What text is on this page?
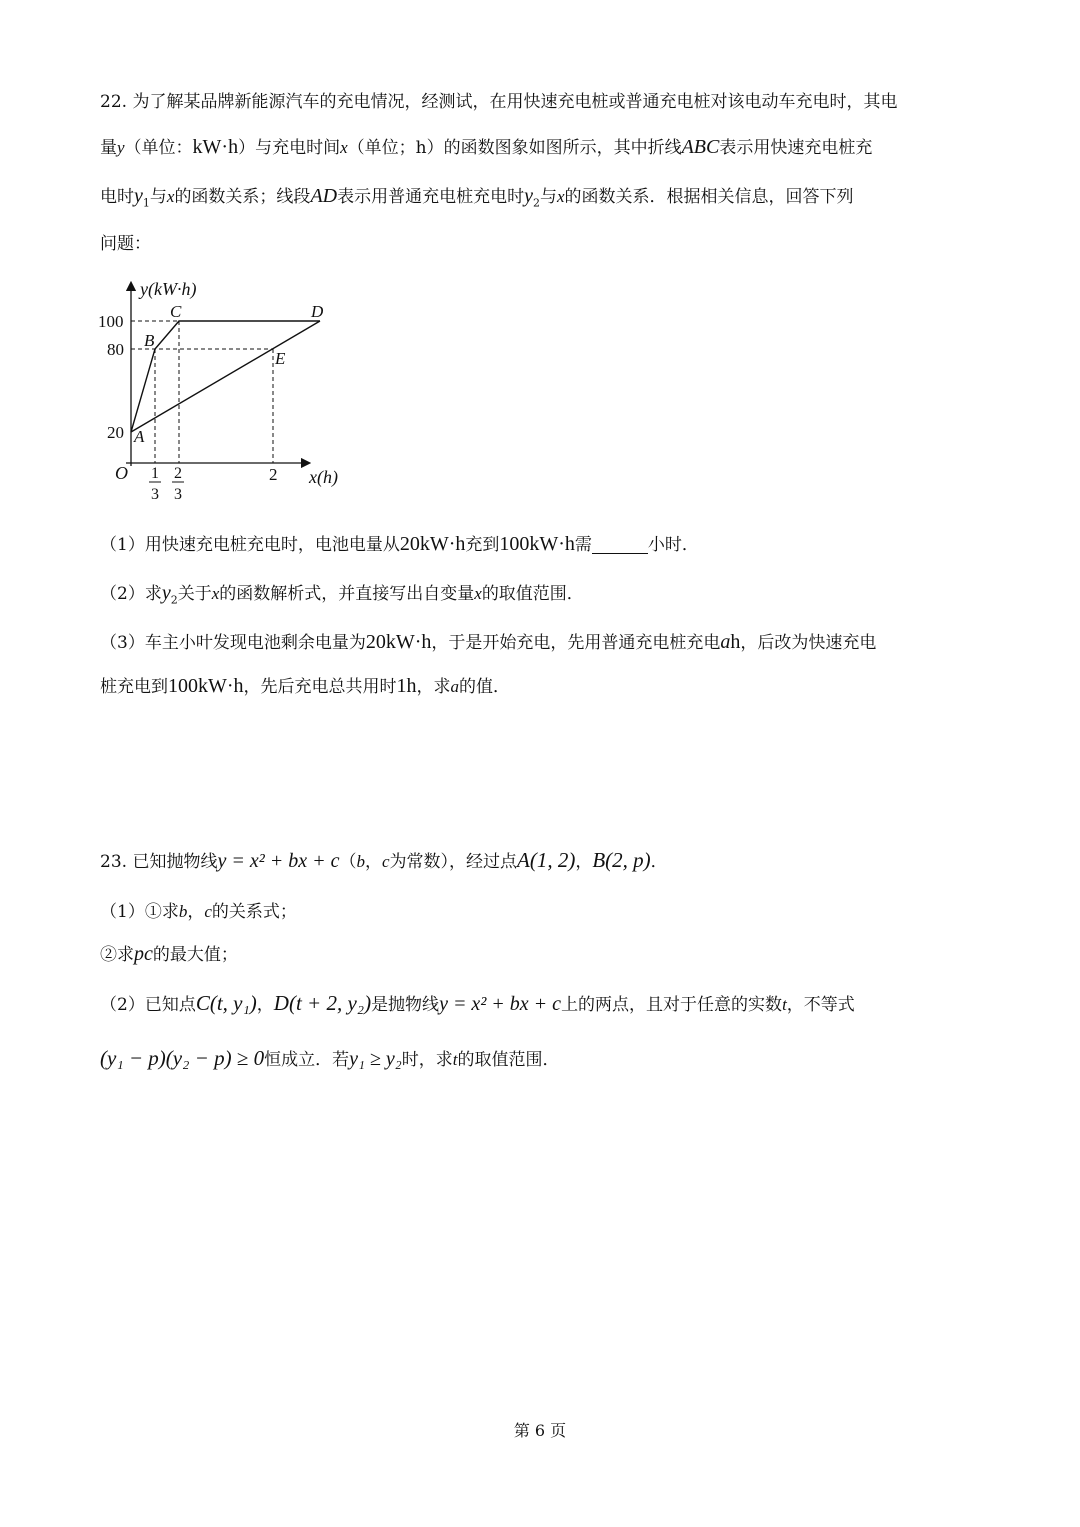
22. 为了解某品牌新能源汽车的充电情况，经测试，在用快速充电桩或普通充电桩对该电动车充电时，其电
量y（单位：kW·h）与充电时间x（单位；h）的函数图象如图所示，其中折线ABC表示用快速充电桩充
电时$y_1$与x的函数关系；线段AD表示用普通充电桩充电时$y_2$与x的函数关系．根据相关信息，回答下列
问题：
y(kW·h)
x(h)
O
100
80
20 A
B
C	D
E
1
3
2
3
2
（1）用快速充电桩充电时，电池电量从20kW·h充到100kW·h需	小时．
（2）求$y_2$关于x的函数解析式，并直接写出自变量x的取值范围．
（3）车主小叶发现电池剩余电量为20kW·h，于是开始充电，先用普通充电桩充电ah，后改为快速充电
桩充电到100kW·h，先后充电总共用时1h，求a的值．
23. 已知抛物线y = x² + bx + c（b，c为常数），经过点A(1, 2)，B(2, p)．
（1）①求b，c的关系式；
②求pc的最大值；
（2）已知点C(t, y₁)，D(t + 2, y₂)是抛物线y = x² + bx + c上的两点，且对于任意的实数t，不等式
(y₁ − p)(y₂ − p) ≥ 0恒成立．若y₁ ≥ y₂时，求t的取值范围．
第 6 页
